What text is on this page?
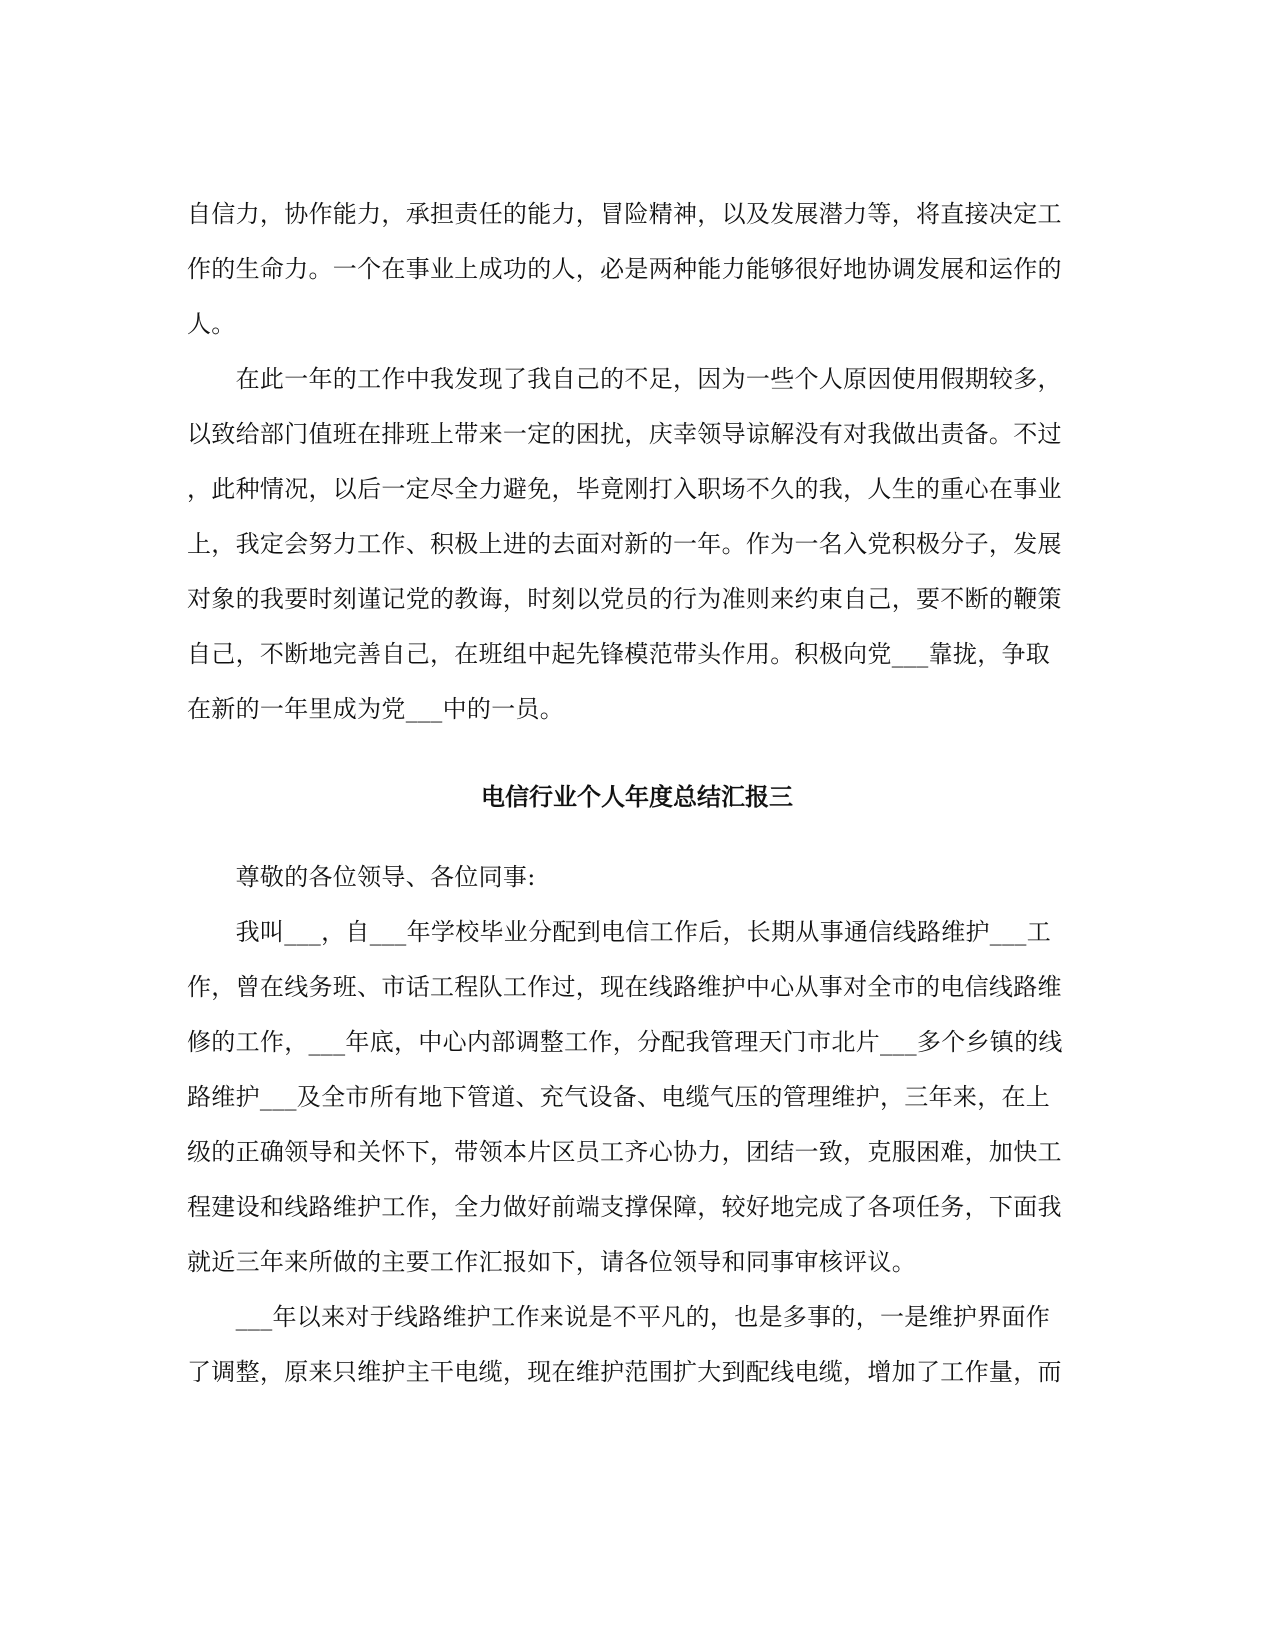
自信力，协作能力，承担责任的能力，冒险精神，以及发展潜力等，将直接决定工
作的生命力。一个在事业上成功的人，必是两种能力能够很好地协调发展和运作的
人。
　　在此一年的工作中我发现了我自己的不足，因为一些个人原因使用假期较多，
以致给部门值班在排班上带来一定的困扰，庆幸领导谅解没有对我做出责备。不过
，此种情况，以后一定尽全力避免，毕竟刚打入职场不久的我，人生的重心在事业
上，我定会努力工作、积极上进的去面对新的一年。作为一名入党积极分子，发展
对象的我要时刻谨记党的教诲，时刻以党员的行为准则来约束自己，要不断的鞭策
自己，不断地完善自己，在班组中起先锋模范带头作用。积极向党___靠拢，争取
在新的一年里成为党___中的一员。
电信行业个人年度总结汇报三
　　尊敬的各位领导、各位同事:
　　我叫___，自___年学校毕业分配到电信工作后，长期从事通信线路维护___工
作，曾在线务班、市话工程队工作过，现在线路维护中心从事对全市的电信线路维
修的工作，___年底，中心内部调整工作，分配我管理天门市北片___多个乡镇的线
路维护___及全市所有地下管道、充气设备、电缆气压的管理维护，三年来，在上
级的正确领导和关怀下，带领本片区员工齐心协力，团结一致，克服困难，加快工
程建设和线路维护工作，全力做好前端支撑保障，较好地完成了各项任务，下面我
就近三年来所做的主要工作汇报如下，请各位领导和同事审核评议。
　　___年以来对于线路维护工作来说是不平凡的，也是多事的，一是维护界面作
了调整，原来只维护主干电缆，现在维护范围扩大到配线电缆，增加了工作量，而
